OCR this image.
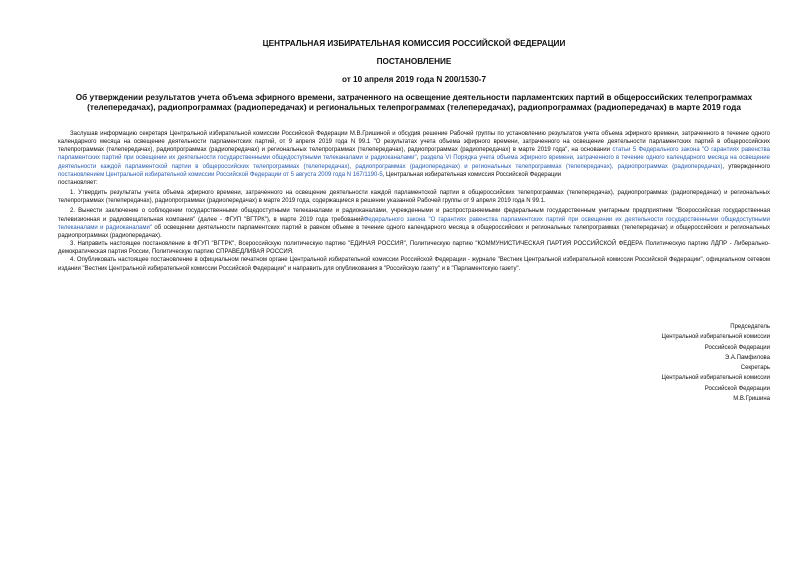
ЦЕНТРАЛЬНАЯ ИЗБИРАТЕЛЬНАЯ КОМИССИЯ РОССИЙСКОЙ ФЕДЕРАЦИИ
ПОСТАНОВЛЕНИЕ
от 10 апреля 2019 года N 200/1530-7
Об утверждении результатов учета объема эфирного времени, затраченного на освещение деятельности парламентских партий в общероссийских телепрограммах (телепередачах), радиопрограммах (радиопередачах) и региональных телепрограммах (телепередачах), радиопрограммах (радиопередачах) в марте 2019 года

Заслушав информацию секретаря Центральной избирательной комиссии Российской Федерации М.В.Гришиной и обсудив решение Рабочей группы по установлению результатов учета объема эфирного времени, затраченного в течение одного календарного месяца на освещение деятельности парламентских партий, от 9 апреля 2019 года N 99.1 "О результатах учета объема эфирного времени, затраченного на освещение деятельности парламентских партий в общероссийских телепрограммах (телепередачах), радиопрограммах (радиопередачах) и региональных телепрограммах (телепередачах), радиопрограммах (радиопередачах) в марте 2019 года", на основании статьи 5 Федерального закона "О гарантиях равенства парламентских партий при освещении их деятельности государственными общедоступными телеканалами и радиоканалами", раздела VI Порядка учета объема эфирного времени, затраченного в течение одного календарного месяца на освещение деятельности каждой парламентской партии в общероссийских телепрограммах (телепередачах), радиопрограммах (радиопередачах) и региональных телепрограммах (телепередачах), радиопрограммах (радиопередачах), утвержденного постановлением Центральной избирательной комиссии Российской Федерации от 5 августа 2009 года N 167/1190-5, Центральная избирательная комиссия Российской Федерации

постановляет:

1. Утвердить результаты учета объема эфирного времени, затраченного на освещение деятельности каждой парламентской партии в общероссийских телепрограммах (телепередачах), радиопрограммах (радиопередачах) и региональных телепрограммах (телепередачах), радиопрограммах (радиопередачах) в марте 2019 года, содержащиеся в решении указанной Рабочей группы от 9 апреля 2019 года N 99.1.

2. Вынести заключение о соблюдении государственными общедоступными телеканалами и радиоканалами, учрежденными и распространяемыми федеральным государственным унитарным предприятием "Всероссийская государственная телевизионная и радиовещательная компания" (далее - ФГУП "ВГТРК"), в марте 2019 года требованийФедерального закона "О гарантиях равенства парламентских партий при освещении их деятельности государственными общедоступными телеканалами и радиоканалами" об освещении деятельности парламентских партий в равном объеме в течение одного календарного месяца в общероссийских и региональных телепрограммах (телепередачах) и общероссийских и региональных радиопрограммах (радиопередачах).

3. Направить настоящее постановление в ФГУП "ВГТРК", Всероссийскую политическую партию "ЕДИНАЯ РОССИЯ", Политическую партию "КОММУНИСТИЧЕСКАЯ ПАРТИЯ РОССИЙСКОЙ ФЕДЕРА Политическую партию ЛДПР - Либерально-демократическая партия России, Политическую партию СПРАВЕДЛИВАЯ РОССИЯ.

4. Опубликовать настоящее постановление в официальном печатном органе Центральной избирательной комиссии Российской Федерации - журнале "Вестник Центральной избирательной комиссии Российской Федерации", официальном сетевом издании "Вестник Центральной избирательной комиссии Российской Федерации" и направить для опубликования в "Российскую газету" и в "Парламентскую газету".

Председатель
Центральной избирательной комиссии
Российской Федерации
Э.А.Памфилова
Секретарь
Центральной избирательной комиссии
Российской Федерации
М.В.Гришина
